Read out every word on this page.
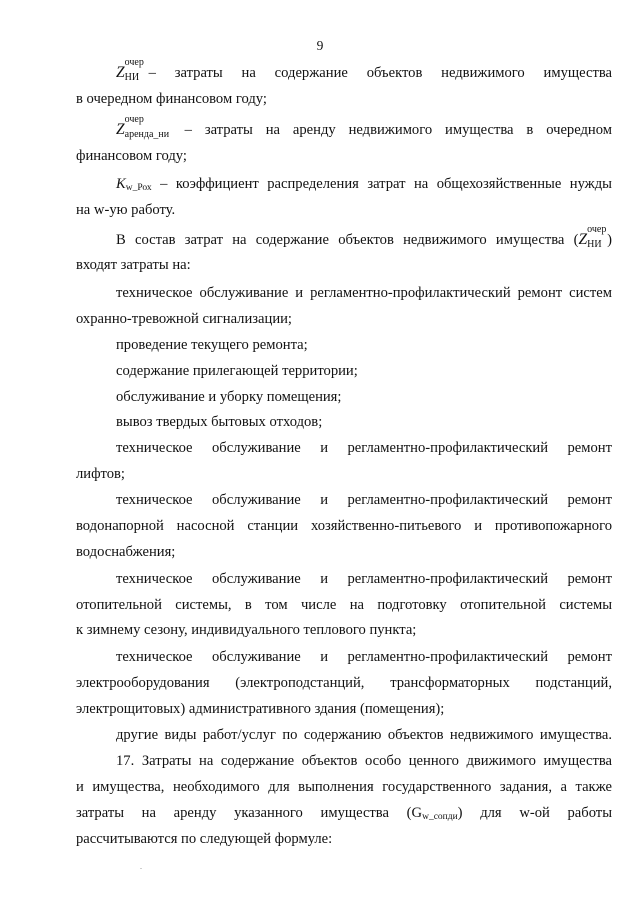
9
Z
очер
НИ – затраты на содержание объектов недвижимого имущества
в очередном финансовом году;
Z
очер
аренда_ни – затраты на аренду недвижимого имущества в очередном
финансовом году;
Kw_Рох – коэффициент распределения затрат на общехозяйственные нужды
на w-ую работу.
В состав затрат на содержание объектов недвижимого имущества (Z
очер
НИ )
входят затраты на:
техническое обслуживание и регламентно-профилактический ремонт систем
охранно-тревожной сигнализации;
проведение текущего ремонта;
содержание прилегающей территории;
обслуживание и уборку помещения;
вывоз твердых бытовых отходов;
техническое обслуживание и регламентно-профилактический ремонт
лифтов;
техническое обслуживание и регламентно-профилактический ремонт
водонапорной насосной станции хозяйственно-питьевого и противопожарного
водоснабжения;
техническое обслуживание и регламентно-профилактический ремонт
отопительной системы, в том числе на подготовку отопительной системы
к зимнему сезону, индивидуального теплового пункта;
техническое обслуживание и регламентно-профилактический ремонт
электрооборудования (электроподстанций, трансформаторных подстанций,
электрощитовых) административного здания (помещения);
другие виды работ/услуг по содержанию объектов недвижимого имущества.
17. Затраты на содержание объектов особо ценного движимого имущества
и имущества, необходимого для выполнения государственного задания, а также
затраты на аренду указанного имущества (Gw_сопди) для w-ой работы
рассчитываются по следующей формуле:
